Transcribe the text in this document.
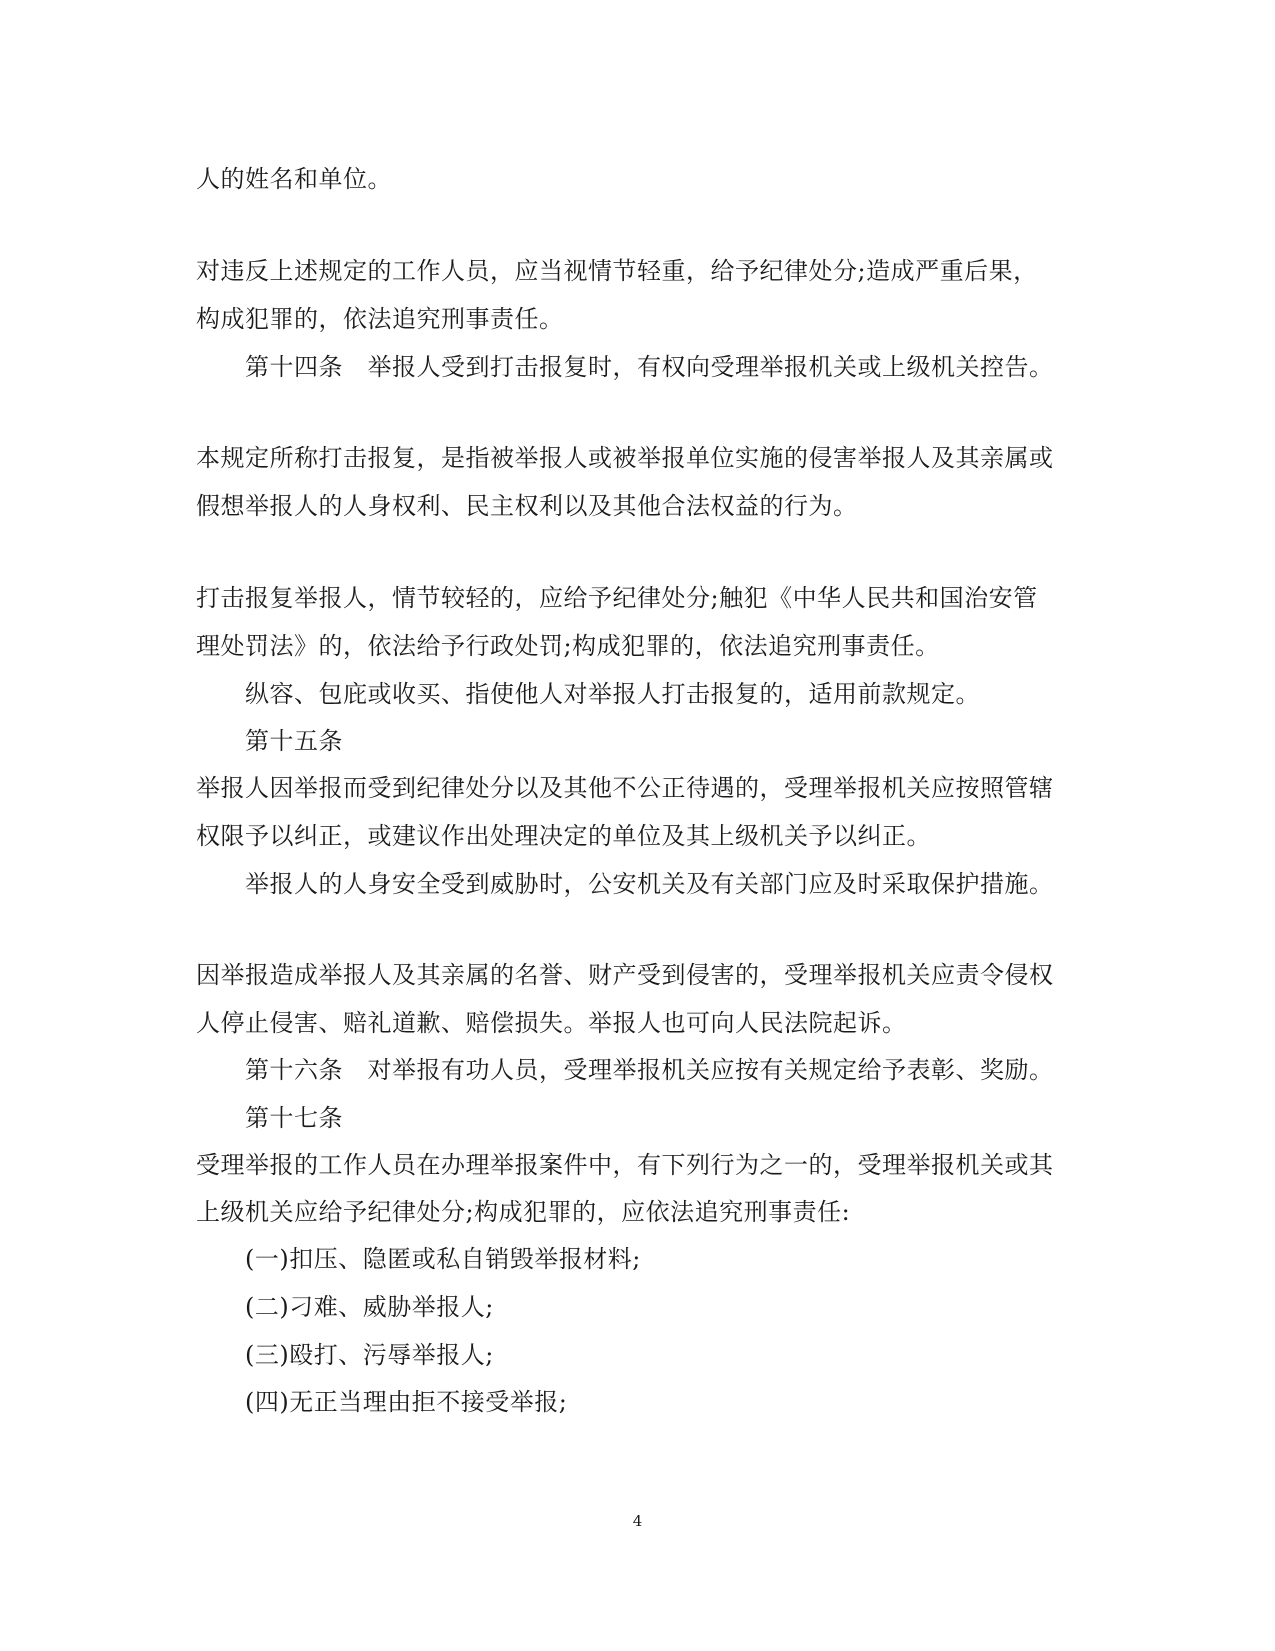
人的姓名和单位。
对违反上述规定的工作人员，应当视情节轻重，给予纪律处分;造成严重后果，
构成犯罪的，依法追究刑事责任。
第十四条　举报人受到打击报复时，有权向受理举报机关或上级机关控告。
本规定所称打击报复，是指被举报人或被举报单位实施的侵害举报人及其亲属或
假想举报人的人身权利、民主权利以及其他合法权益的行为。
打击报复举报人，情节较轻的，应给予纪律处分;触犯《中华人民共和国治安管
理处罚法》的，依法给予行政处罚;构成犯罪的，依法追究刑事责任。
纵容、包庇或收买、指使他人对举报人打击报复的，适用前款规定。
第十五条
举报人因举报而受到纪律处分以及其他不公正待遇的，受理举报机关应按照管辖
权限予以纠正，或建议作出处理决定的单位及其上级机关予以纠正。
举报人的人身安全受到威胁时，公安机关及有关部门应及时采取保护措施。
因举报造成举报人及其亲属的名誉、财产受到侵害的，受理举报机关应责令侵权
人停止侵害、赔礼道歉、赔偿损失。举报人也可向人民法院起诉。
第十六条　对举报有功人员，受理举报机关应按有关规定给予表彰、奖励。
第十七条
受理举报的工作人员在办理举报案件中，有下列行为之一的，受理举报机关或其
上级机关应给予纪律处分;构成犯罪的，应依法追究刑事责任:
(一)扣压、隐匿或私自销毁举报材料;
(二)刁难、威胁举报人;
(三)殴打、污辱举报人;
(四)无正当理由拒不接受举报;
4
